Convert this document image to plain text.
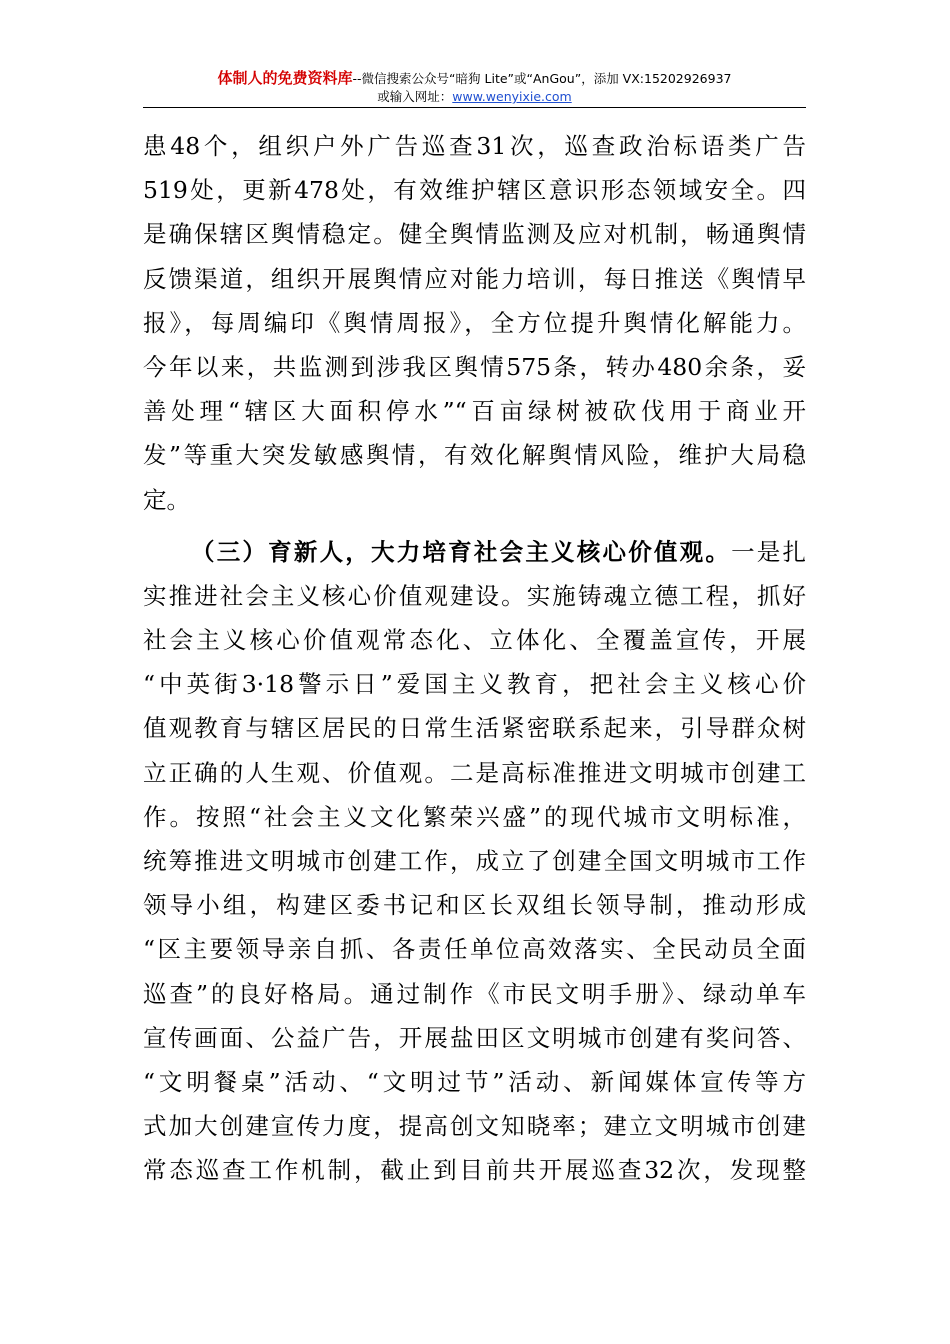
体制人的免费资料库--微信搜索公众号“暗狗 Lite”或“AnGou”，添加 VX:15202926937
或输入网址：www.wenyixie.com
患48个，组织户外广告巡查31次，巡查政治标语类广告
519处，更新478处，有效维护辖区意识形态领域安全。四
是确保辖区舆情稳定。健全舆情监测及应对机制，畅通舆情
反馈渠道，组织开展舆情应对能力培训，每日推送《舆情早
报》，每周编印《舆情周报》，全方位提升舆情化解能力。
今年以来，共监测到涉我区舆情575条，转办480余条，妥
善处理“辖区大面积停水”“百亩绿树被砍伐用于商业开
发”等重大突发敏感舆情，有效化解舆情风险，维护大局稳
定。
（三）育新人，大力培育社会主义核心价值观。一是扎
实推进社会主义核心价值观建设。实施铸魂立德工程，抓好
社会主义核心价值观常态化、立体化、全覆盖宣传，开展
“中英街3·18警示日”爱国主义教育，把社会主义核心价
值观教育与辖区居民的日常生活紧密联系起来，引导群众树
立正确的人生观、价值观。二是高标准推进文明城市创建工
作。按照“社会主义文化繁荣兴盛”的现代城市文明标准，
统筹推进文明城市创建工作，成立了创建全国文明城市工作
领导小组，构建区委书记和区长双组长领导制，推动形成
“区主要领导亲自抓、各责任单位高效落实、全民动员全面
巡查”的良好格局。通过制作《市民文明手册》、绿动单车
宣传画面、公益广告，开展盐田区文明城市创建有奖问答、
“文明餐桌”活动、“文明过节”活动、新闻媒体宣传等方
式加大创建宣传力度，提高创文知晓率；建立文明城市创建
常态巡查工作机制，截止到目前共开展巡查32次，发现整
